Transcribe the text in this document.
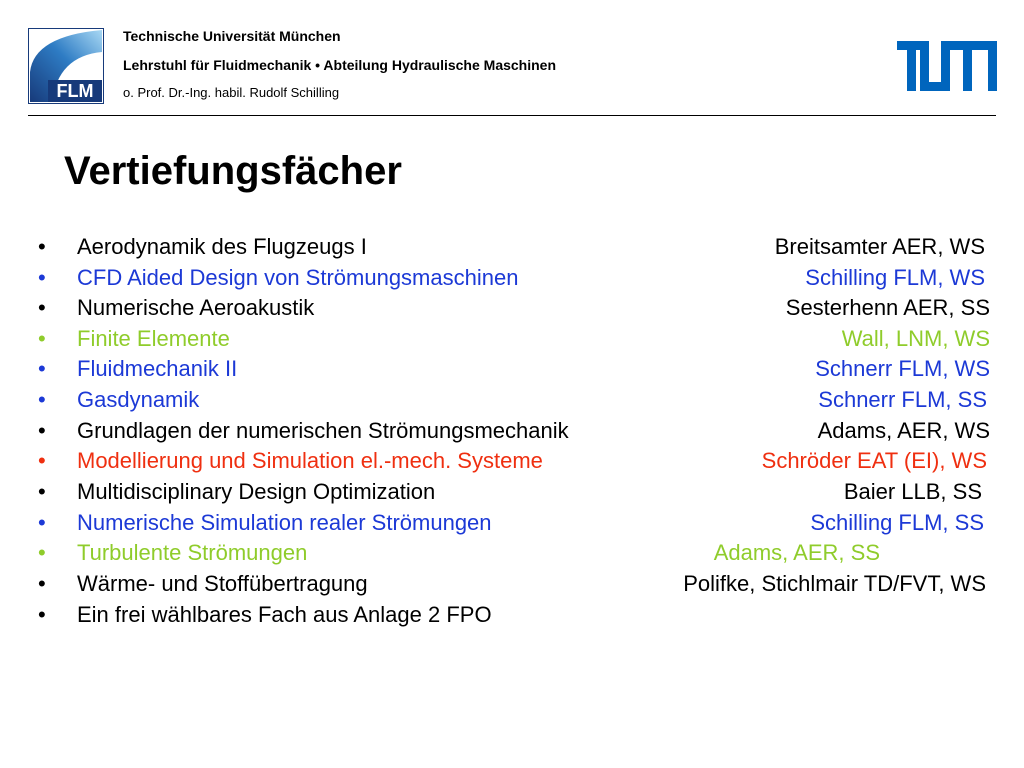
FLM
Technische Universität München
Lehrstuhl für Fluidmechanik • Abteilung Hydraulische Maschinen
o. Prof. Dr.-Ing. habil. Rudolf Schilling
Vertiefungsfächer
• Aerodynamik des Flugzeugs I	Breitsamter AER, WS
• CFD Aided Design von Strömungsmaschinen	Schilling FLM, WS
• Numerische Aeroakustik	Sesterhenn AER, SS
• Finite Elemente	Wall, LNM, WS
• Fluidmechanik II	Schnerr FLM, WS
• Gasdynamik	Schnerr FLM, SS
• Grundlagen der numerischen Strömungsmechanik	Adams, AER, WS
• Modellierung und Simulation el.-mech. Systeme	Schröder EAT (EI), WS
• Multidisciplinary Design Optimization	Baier LLB, SS
• Numerische Simulation realer Strömungen	Schilling FLM, SS
• Turbulente Strömungen	Adams, AER, SS
• Wärme- und Stoffübertragung	Polifke, Stichlmair TD/FVT, WS
• Ein frei wählbares Fach aus Anlage 2 FPO
